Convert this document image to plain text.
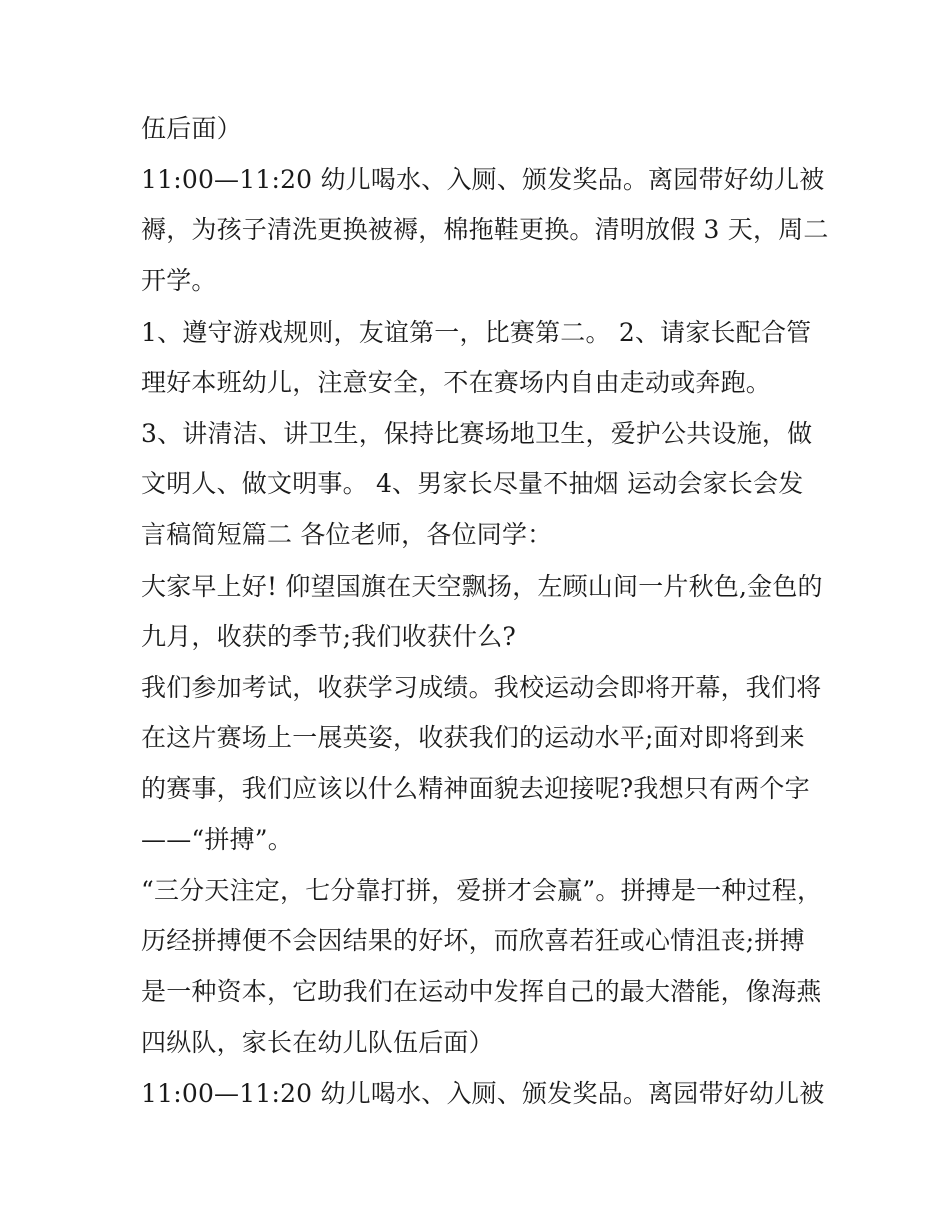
伍后面）
11:00—11:20 幼儿喝水、入厕、颁发奖品。离园带好幼儿被
褥，为孩子清洗更换被褥，棉拖鞋更换。清明放假 3 天，周二
开学。
1、遵守游戏规则，友谊第一，比赛第二。 2、请家长配合管
理好本班幼儿，注意安全，不在赛场内自由走动或奔跑。
3、讲清洁、讲卫生，保持比赛场地卫生，爱护公共设施，做
文明人、做文明事。 4、男家长尽量不抽烟 运动会家长会发
言稿简短篇二 各位老师，各位同学：
大家早上好! 仰望国旗在天空飘扬，左顾山间一片秋色,金色的
九月，收获的季节;我们收获什么?
我们参加考试，收获学习成绩。我校运动会即将开幕，我们将
在这片赛场上一展英姿，收获我们的运动水平;面对即将到来
的赛事，我们应该以什么精神面貌去迎接呢?我想只有两个字
——“拼搏”。
“三分天注定，七分靠打拼，爱拼才会赢”。拼搏是一种过程，
历经拼搏便不会因结果的好坏，而欣喜若狂或心情沮丧;拼搏
是一种资本，它助我们在运动中发挥自己的最大潜能，像海燕
四纵队，家长在幼儿队伍后面）
11:00—11:20 幼儿喝水、入厕、颁发奖品。离园带好幼儿被
